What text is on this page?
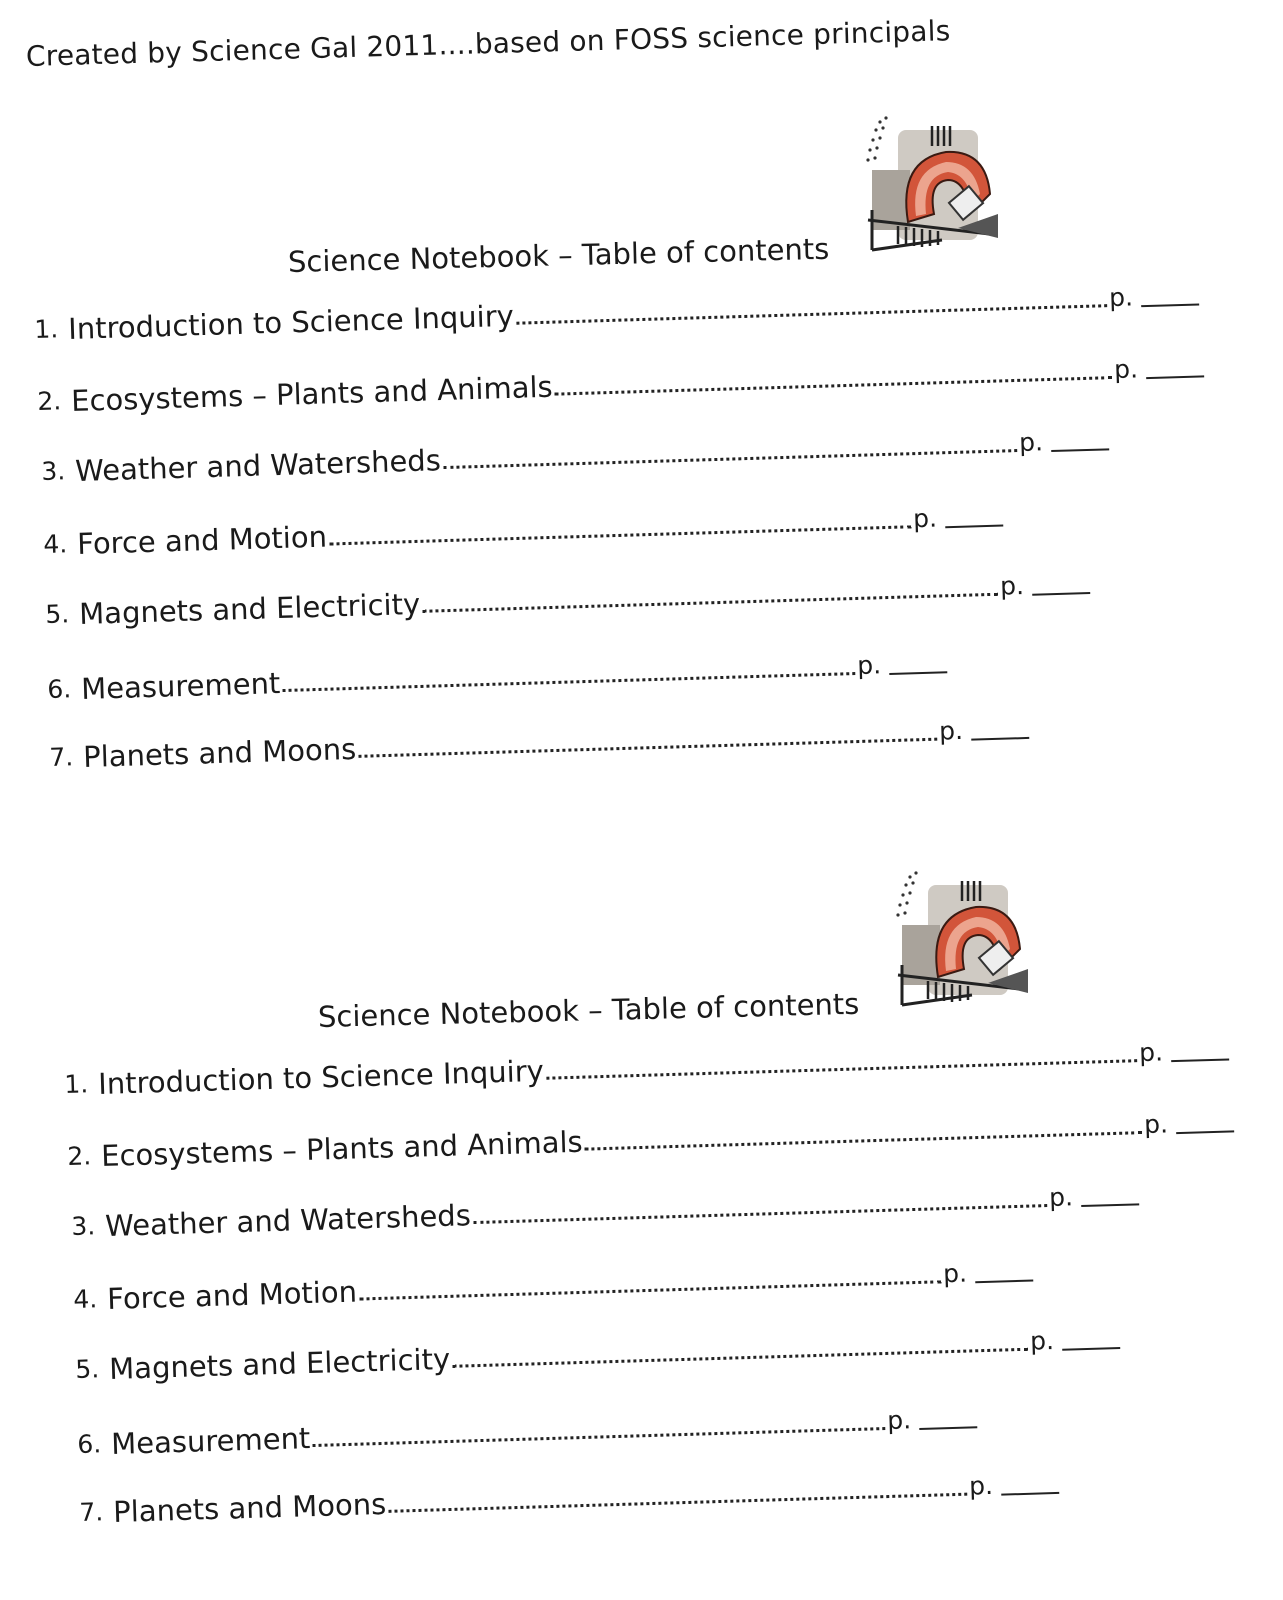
Created by Science Gal 2011....based on FOSS science principals
Science Notebook – Table of contents
1. Introduction to Science Inquiry
p.
2. Ecosystems – Plants and Animals
p.
3. Weather and Watersheds
p.
4. Force and Motion
p.
5. Magnets and Electricity
p.
6. Measurement
p.
7. Planets and Moons
p.
Science Notebook – Table of contents
1. Introduction to Science Inquiry
p.
2. Ecosystems – Plants and Animals
p.
3. Weather and Watersheds
p.
4. Force and Motion
p.
5. Magnets and Electricity
p.
6. Measurement
p.
7. Planets and Moons
p.
